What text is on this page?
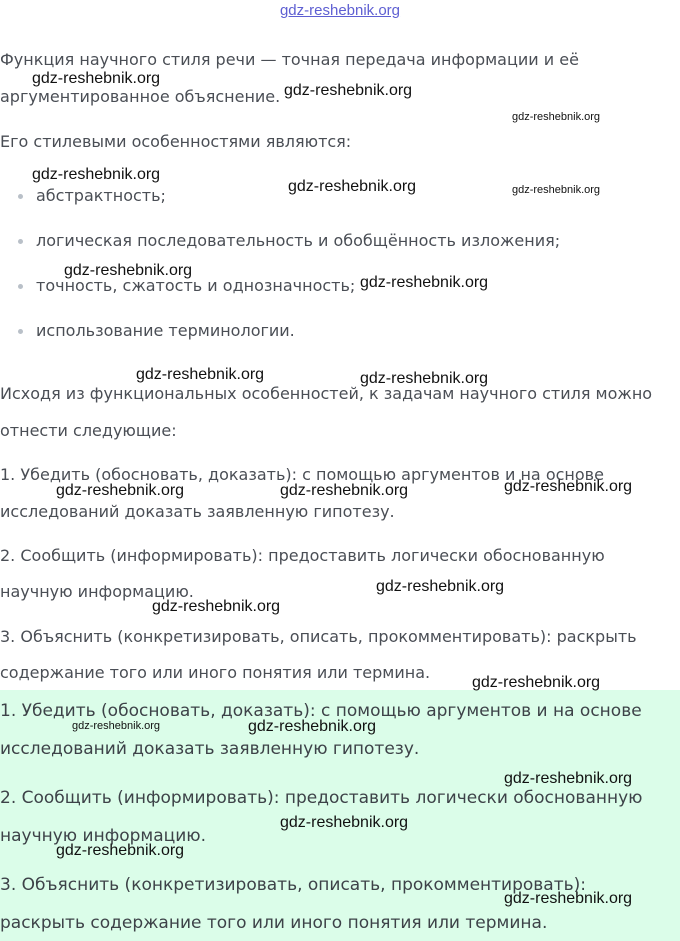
gdz-reshebnik.org

Функция научного стиля речи — точная передача информации и её

аргументированное объяснение.

Его стилевыми особенностями являются:

абстрактность;
логическая последовательность и обобщённость изложения;
точность, сжатость и однозначность;
использование терминологии.

Исходя из функциональных особенностей, к задачам научного стиля можно

отнести следующие:

1. Убедить (обосновать, доказать): с помощью аргументов и на основе

исследований доказать заявленную гипотезу.

2. Сообщить (информировать): предоставить логически обоснованную

научную информацию.

3. Объяснить (конкретизировать, описать, прокомментировать): раскрыть

содержание того или иного понятия или термина.

1. Убедить (обосновать, доказать): с помощью аргументов и на основе

исследований доказать заявленную гипотезу.

2. Сообщить (информировать): предоставить логически обоснованную

научную информацию.

3. Объяснить (конкретизировать, описать, прокомментировать):

раскрыть содержание того или иного понятия или термина.

gdz-reshebnik.org
gdz-reshebnik.org
gdz-reshebnik.org
gdz-reshebnik.org
gdz-reshebnik.org	gdz-reshebnik.org
gdz-reshebnik.org
gdz-reshebnik.org
gdz-reshebnik.org	gdz-reshebnik.org
gdz-reshebnik.org	gdz-reshebnik.org	gdz-reshebnik.org
gdz-reshebnik.org
gdz-reshebnik.org
gdz-reshebnik.org
gdz-reshebnik.org	gdz-reshebnik.org
gdz-reshebnik.org
gdz-reshebnik.org
gdz-reshebnik.org
gdz-reshebnik.org
